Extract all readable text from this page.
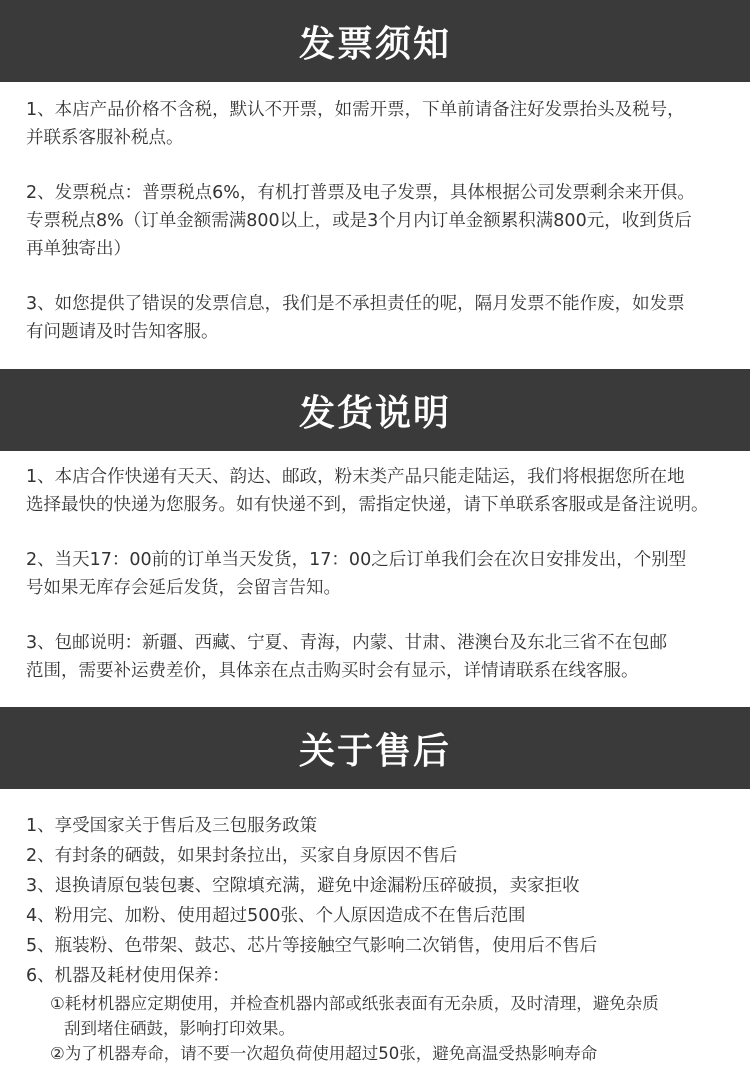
发票须知

1、本店产品价格不含税，默认不开票，如需开票，下单前请备注好发票抬头及税号，
并联系客服补税点。

2、发票税点：普票税点6%，有机打普票及电子发票，具体根据公司发票剩余来开俱。
专票税点8%（订单金额需满800以上，或是3个月内订单金额累积满800元，收到货后
再单独寄出）

3、如您提供了错误的发票信息，我们是不承担责任的呢，隔月发票不能作废，如发票
有问题请及时告知客服。

发货说明

1、本店合作快递有天天、韵达、邮政，粉末类产品只能走陆运，我们将根据您所在地
选择最快的快递为您服务。如有快递不到，需指定快递，请下单联系客服或是备注说明。

2、当天17：00前的订单当天发货，17：00之后订单我们会在次日安排发出，个别型
号如果无库存会延后发货，会留言告知。

3、包邮说明：新疆、西藏、宁夏、青海，内蒙、甘肃、港澳台及东北三省不在包邮
范围，需要补运费差价，具体亲在点击购买时会有显示，详情请联系在线客服。

关于售后

1、享受国家关于售后及三包服务政策

2、有封条的硒鼓，如果封条拉出，买家自身原因不售后

3、退换请原包装包裹、空隙填充满，避免中途漏粉压碎破损，卖家拒收

4、粉用完、加粉、使用超过500张、个人原因造成不在售后范围

5、瓶装粉、色带架、鼓芯、芯片等接触空气影响二次销售，使用后不售后

6、机器及耗材使用保养：

①耗材机器应定期使用，并检查机器内部或纸张表面有无杂质，及时清理，避免杂质
刮到堵住硒鼓，影响打印效果。

②为了机器寿命，请不要一次超负荷使用超过50张，避免高温受热影响寿命
